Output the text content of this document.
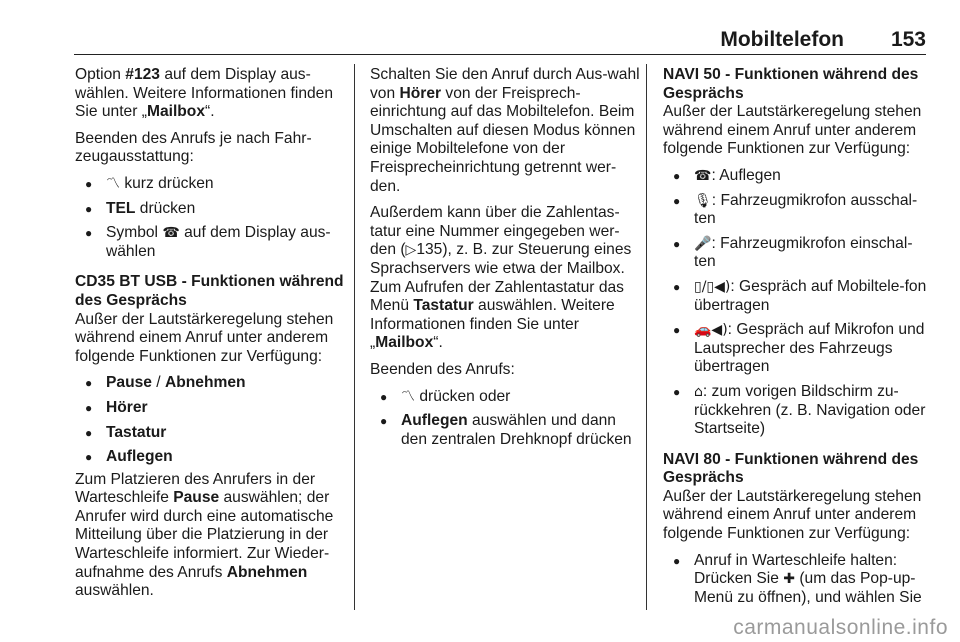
Mobiltelefon 153

Option #123 auf dem Display aus-wählen. Weitere Informationen finden Sie unter „Mailbox“.

Beenden des Anrufs je nach Fahr-zeugausstattung:

● 〽 kurz drücken
● TEL drücken
● Symbol ☎ auf dem Display aus-wählen

CD35 BT USB - Funktionen während des Gesprächs

Außer der Lautstärkeregelung stehen während einem Anruf unter anderem folgende Funktionen zur Verfügung:

● Pause / Abnehmen
● Hörer
● Tastatur
● Auflegen

Zum Platzieren des Anrufers in der Warteschleife Pause auswählen; der Anrufer wird durch eine automatische Mitteilung über die Platzierung in der Warteschleife informiert. Zur Wieder-aufnahme des Anrufs Abnehmen auswählen.

Schalten Sie den Anruf durch Aus-wahl von Hörer von der Freisprech-einrichtung auf das Mobiltelefon. Beim Umschalten auf diesen Modus können einige Mobiltelefone von der Freisprecheinrichtung getrennt wer-den.

Außerdem kann über die Zahlentas-tatur eine Nummer eingegeben wer-den (▷135), z. B. zur Steuerung eines Sprachservers wie etwa der Mailbox. Zum Aufrufen der Zahlentastatur das Menü Tastatur auswählen. Weitere Informationen finden Sie unter „Mailbox“.

Beenden des Anrufs:

● 〽 drücken oder
● Auflegen auswählen und dann den zentralen Drehknopf drücken

NAVI 50 - Funktionen während des Gesprächs

Außer der Lautstärkeregelung stehen während einem Anruf unter anderem folgende Funktionen zur Verfügung:

● ☎: Auflegen
● 🎙: Fahrzeugmikrofon ausschal-ten
● 🎤: Fahrzeugmikrofon einschal-ten
● ▯/▯◀): Gespräch auf Mobiltele-fon übertragen
● 🚗◀): Gespräch auf Mikrofon und Lautsprecher des Fahrzeugs übertragen
● ⌂: zum vorigen Bildschirm zu-rückkehren (z. B. Navigation oder Startseite)

NAVI 80 - Funktionen während des Gesprächs

Außer der Lautstärkeregelung stehen während einem Anruf unter anderem folgende Funktionen zur Verfügung:

● Anruf in Warteschleife halten: Drücken Sie ✚ (um das Pop-up-Menü zu öffnen), und wählen Sie
carmanualsonline.info
